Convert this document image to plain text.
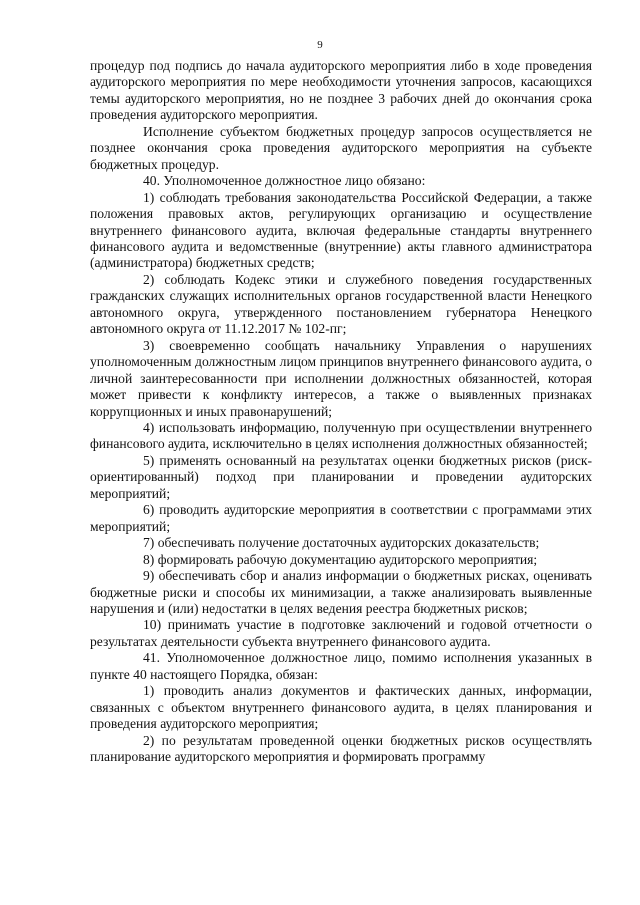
9

процедур под подпись до начала аудиторского мероприятия либо в ходе проведения аудиторского мероприятия по мере необходимости уточнения запросов, касающихся темы аудиторского мероприятия, но не позднее 3 рабочих дней до окончания срока проведения аудиторского мероприятия.

Исполнение субъектом бюджетных процедур запросов осуществляется не позднее окончания срока проведения аудиторского мероприятия на субъекте бюджетных процедур.

40. Уполномоченное должностное лицо обязано:

1) соблюдать требования законодательства Российской Федерации, а также положения правовых актов, регулирующих организацию и осуществление внутреннего финансового аудита, включая федеральные стандарты внутреннего финансового аудита и ведомственные (внутренние) акты главного администратора (администратора) бюджетных средств;

2) соблюдать Кодекс этики и служебного поведения государственных гражданских служащих исполнительных органов государственной власти Ненецкого автономного округа, утвержденного постановлением губернатора Ненецкого автономного округа от 11.12.2017 № 102-пг;

3) своевременно сообщать начальнику Управления о нарушениях уполномоченным должностным лицом принципов внутреннего финансового аудита, о личной заинтересованности при исполнении должностных обязанностей, которая может привести к конфликту интересов, а также о выявленных признаках коррупционных и иных правонарушений;

4) использовать информацию, полученную при осуществлении внутреннего финансового аудита, исключительно в целях исполнения должностных обязанностей;

5) применять основанный на результатах оценки бюджетных рисков (риск-ориентированный) подход при планировании и проведении аудиторских мероприятий;

6) проводить аудиторские мероприятия в соответствии с программами этих мероприятий;

7) обеспечивать получение достаточных аудиторских доказательств;

8) формировать рабочую документацию аудиторского мероприятия;

9) обеспечивать сбор и анализ информации о бюджетных рисках, оценивать бюджетные риски и способы их минимизации, а также анализировать выявленные нарушения и (или) недостатки в целях ведения реестра бюджетных рисков;

10) принимать участие в подготовке заключений и годовой отчетности о результатах деятельности субъекта внутреннего финансового аудита.

41. Уполномоченное должностное лицо, помимо исполнения указанных в пункте 40 настоящего Порядка, обязан:

1) проводить анализ документов и фактических данных, информации, связанных с объектом внутреннего финансового аудита, в целях планирования и проведения аудиторского мероприятия;

2) по результатам проведенной оценки бюджетных рисков осуществлять планирование аудиторского мероприятия и формировать программу
